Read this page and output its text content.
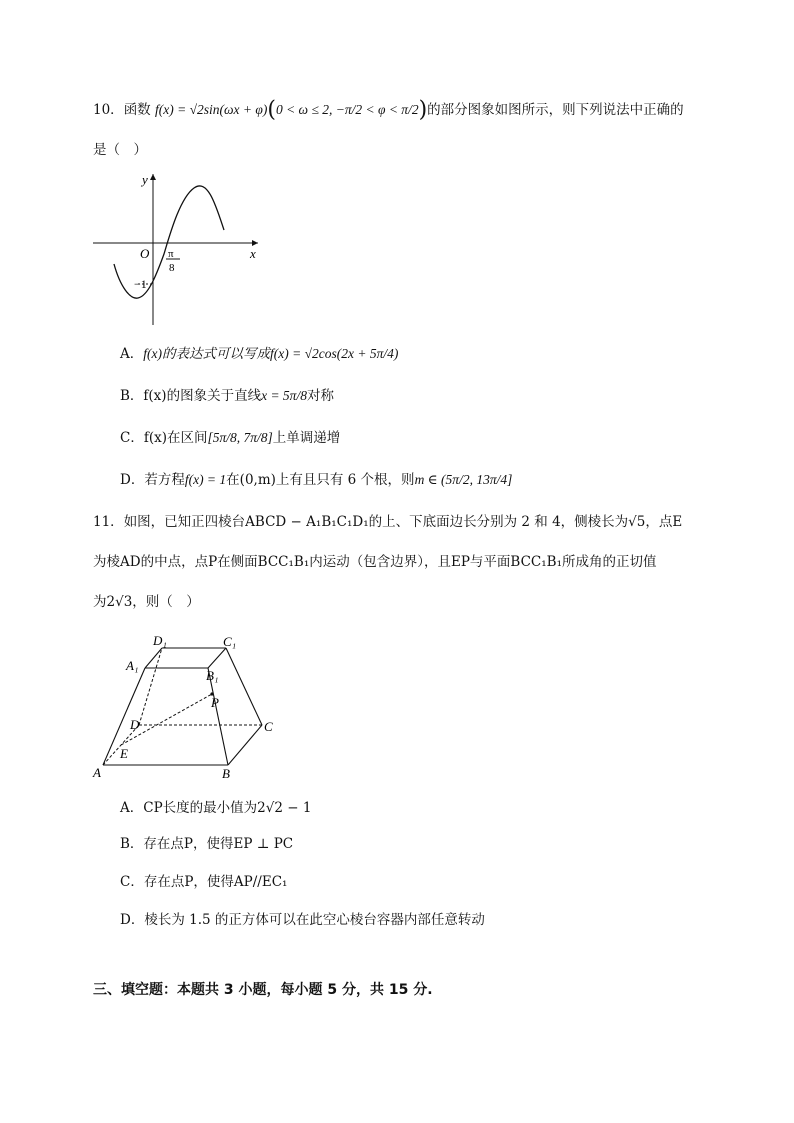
10．函数 f(x) = √2sin(ωx + φ)(0 < ω ≤ 2, −π/2 < φ < π/2)的部分图象如图所示，则下列说法中正确的
是（　）
y
x
O π
8
−1
A．f(x)的表达式可以写成f(x) = √2cos(2x + 5π/4)
B．f(x)的图象关于直线x = 5π/8对称
C．f(x)在区间[5π/8, 7π/8]上单调递增
D．若方程f(x) = 1在(0,m)上有且只有 6 个根，则m ∈ (5π/2, 13π/4]
11．如图，已知正四棱台ABCD − A₁B₁C₁D₁的上、下底面边长分别为 2 和 4，侧棱长为√5，点E
为棱AD的中点，点P在侧面BCC₁B₁内运动（包含边界），且EP与平面BCC₁B₁所成角的正切值
为2√3，则（　）
A	B
C
D
E
P
A₁
B₁
C₁
D₁
A．CP长度的最小值为2√2 − 1
B．存在点P，使得EP ⊥ PC
C．存在点P，使得AP//EC₁
D．棱长为 1.5 的正方体可以在此空心棱台容器内部任意转动
三、填空题：本题共 3 小题，每小题 5 分，共 15 分.
